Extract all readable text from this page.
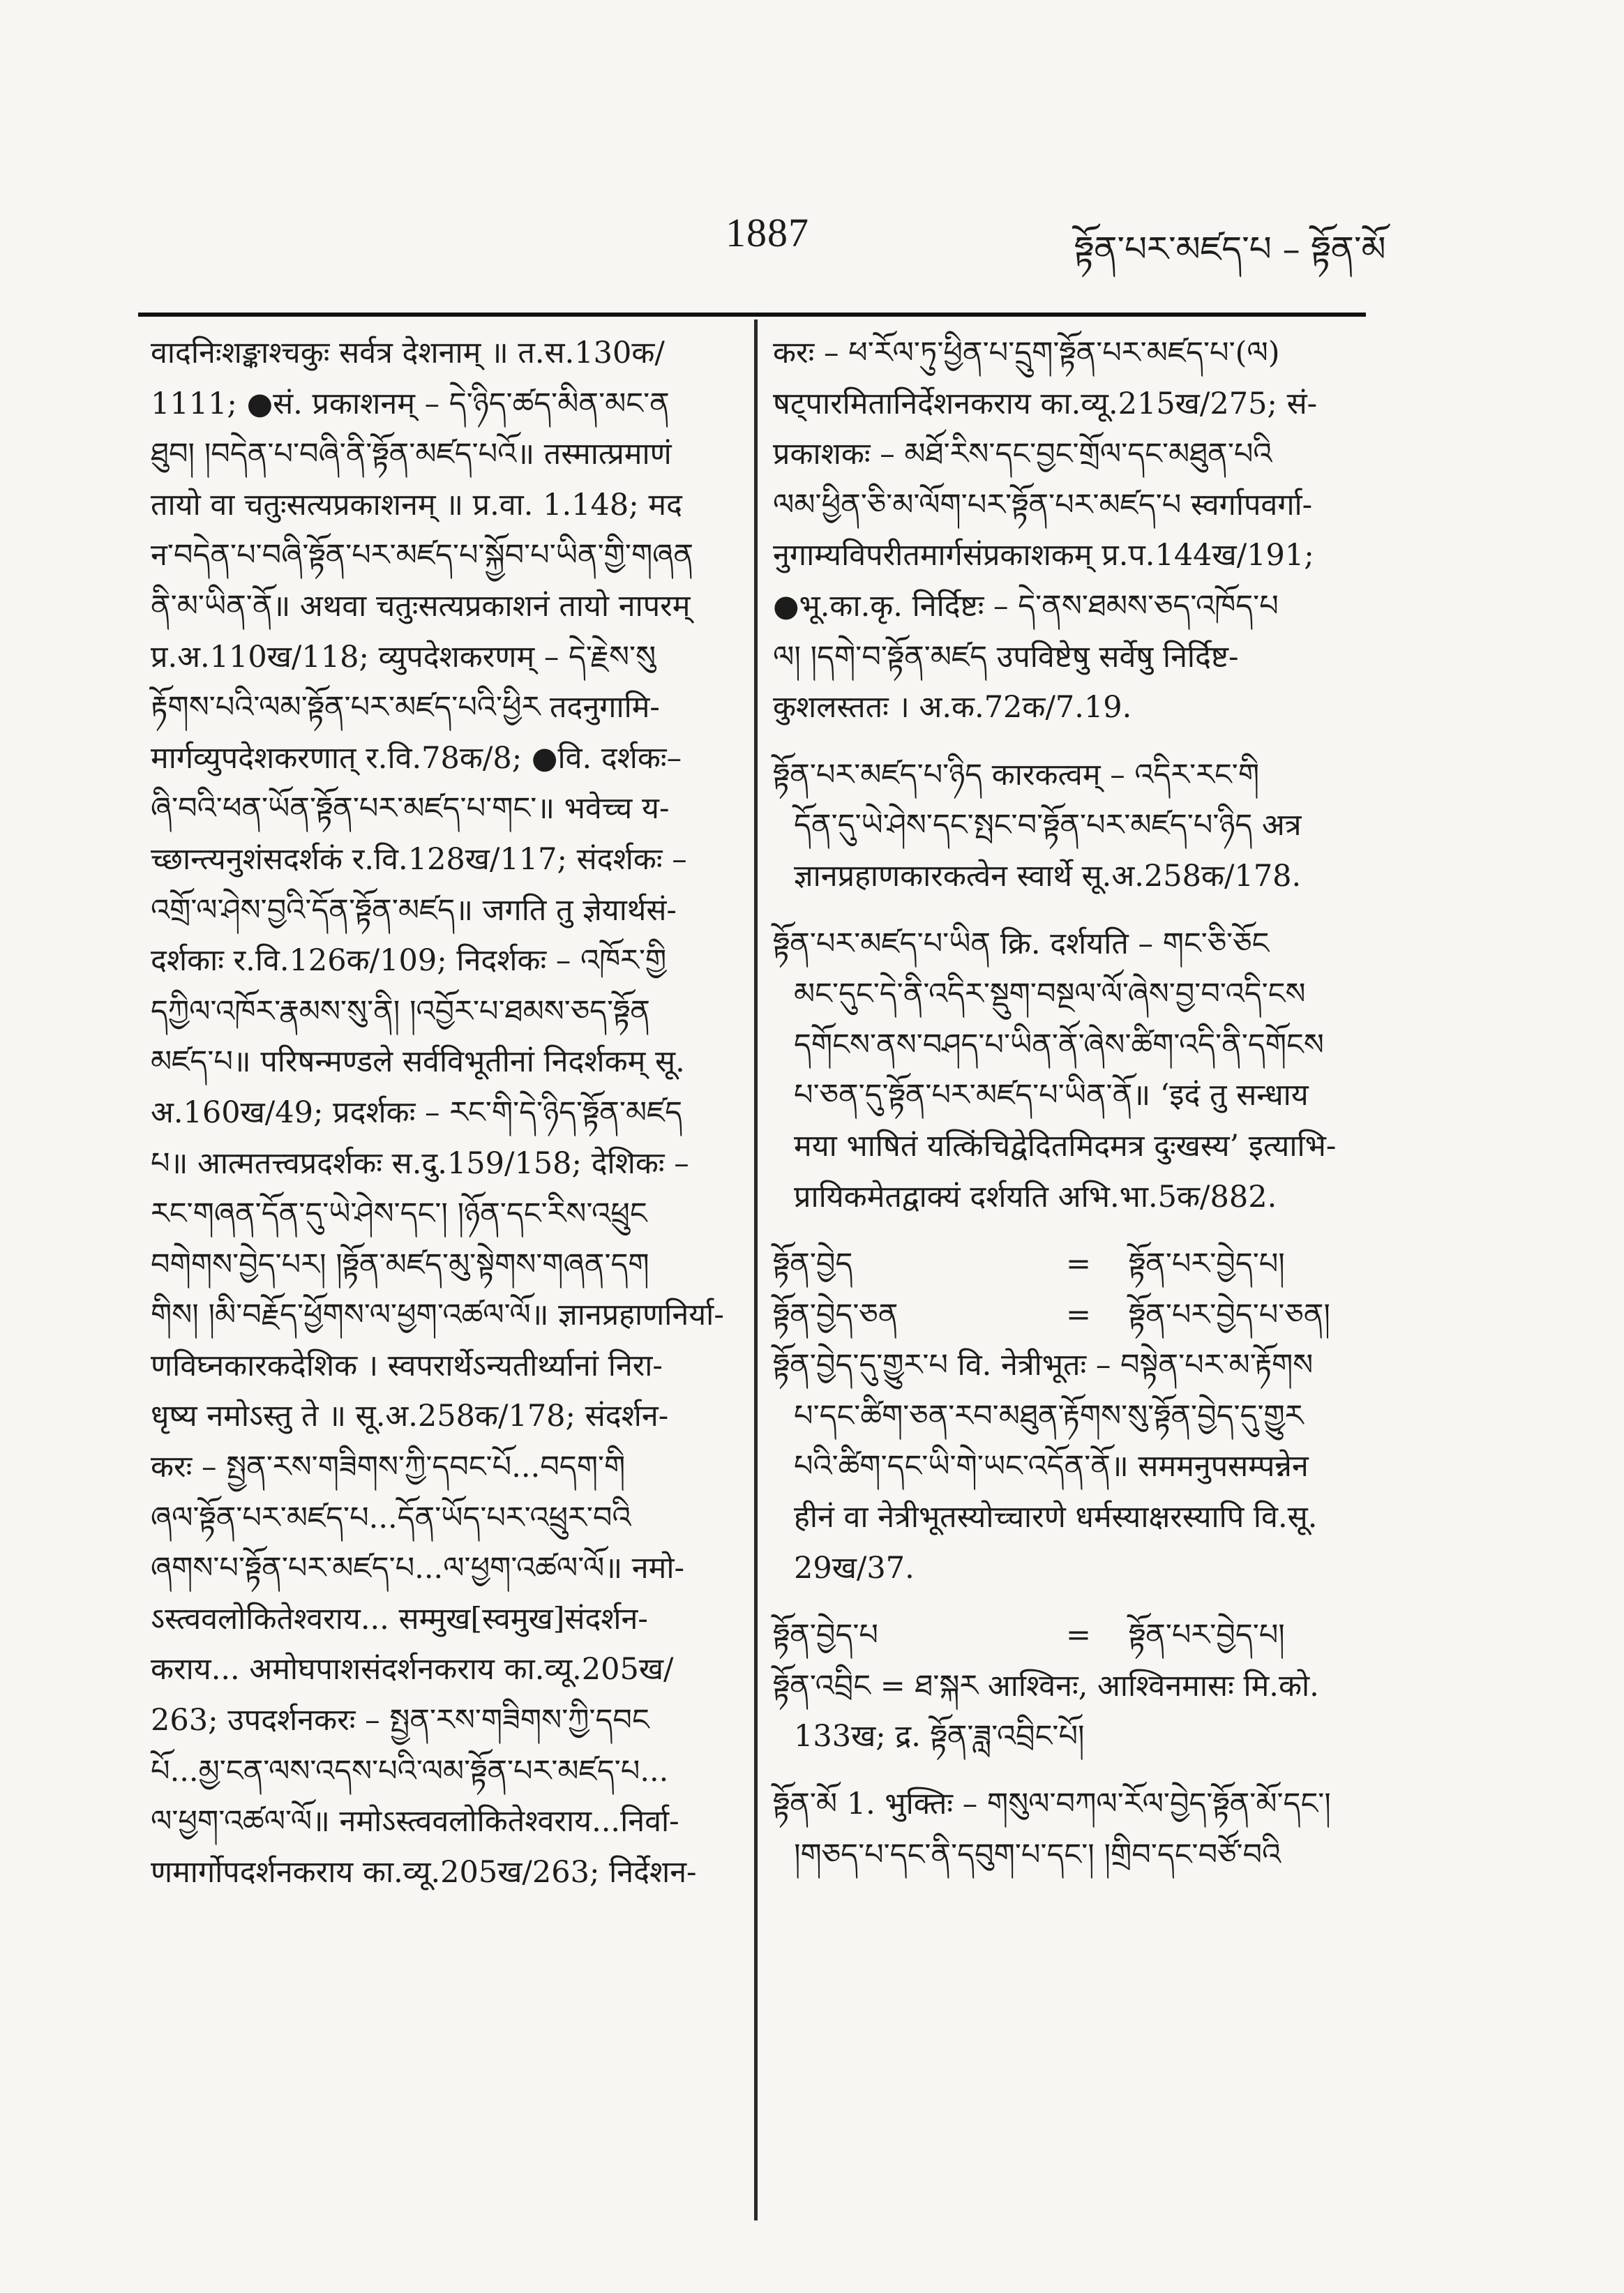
1887	ཧྟོན་པར་མཛད་པ – ཧྟོན་མོ
वादनिःशङ्काश्चकुः सर्वत्र देशनाम् ॥ त.स.130क/
1111; ●सं. प्रकाशनम् – དེ་ཉིད་ཚད་མིན་མང་ན
ཐུབ། །བདེན་པ་བཞི་ནི་ཧྟོན་མཛད་པའོ॥ तस्मात्प्रमाणं
तायो वा चतुःसत्यप्रकाशनम् ॥ प्र.वा. 1.148; मद
न་བདེན་པ་བཞི་ཧྟོན་པར་མཛད་པ་སྐྱོབ་པ་ཡིན་གྱི་གཞན
ནི་མ་ཡིན་ནོ॥ अथवा चतुःसत्यप्रकाशनं तायो नापरम्
प्र.अ.110ख/118; व्युपदेशकरणम् – དེ་རྗེས་སུ
རྟོགས་པའི་ལམ་ཧྟོན་པར་མཛད་པའི་ཕྱིར तदनुगामि-
मार्गव्युपदेशकरणात् र.वि.78क/8; ●वि. दर्शकः–
ཞི་བའི་ཕན་ཡོན་ཧྟོན་པར་མཛད་པ་གང་॥ भवेच्च य-
च्छान्त्यनुशंसदर्शकं र.वि.128ख/117; संदर्शकः –
འགྲོ་ལ་ཤེས་བྱའི་དོན་ཧྟོན་མཛད॥ जगति तु ज्ञेयार्थसं-
दर्शकाः र.वि.126क/109; निदर्शकः – འཁོར་གྱི
དཀྱིལ་འཁོར་རྣམས་སུ་ནི། །འབྱོར་པ་ཐམས་ཅད་ཧྟོན
མཛད་པ॥ परिषन्मण्डले सर्वविभूतीनां निदर्शकम् सू.
अ.160ख/49; प्रदर्शकः – རང་གི་དེ་ཉིད་ཧྟོན་མཛད
པ॥ आत्मतत्त्वप्रदर्शकः स.दु.159/158; देशिकः –
རང་གཞན་དོན་དུ་ཡེ་ཤེས་དང་། །ཉོན་དང་རིས་འཕྲུང
བགེགས་བྱེད་པར། །ཧྟོན་མཛད་མུ་སྟེགས་གཞན་དག
གིས། །མི་བརྗོད་ཕྱོགས་ལ་ཕྱག་འཚལ་ལོ॥ ज्ञानप्रहाणनिर्या-
णविघ्नकारकदेशिक । स्वपरार्थेऽन्यतीर्थ्यानां निरा-
धृष्य नमोऽस्तु ते ॥ सू.अ.258क/178; संदर्शन-
करः – སྤྱན་རས་གཟིགས་ཀྱི་དབང་པོ...བདག་གི
ཞལ་ཧྟོན་པར་མཛད་པ...དོན་ཡོད་པར་འཕྲུར་བའི
ཞགས་པ་ཧྟོན་པར་མཛད་པ...ལ་ཕྱག་འཚལ་ལོ॥ नमो-
ऽस्त्ववलोकितेश्वराय... सम्मुख[स्वमुख]संदर्शन-
कराय... अमोघपाशसंदर्शनकराय का.व्यू.205ख/
263; उपदर्शनकरः – སྤྱན་རས་གཟིགས་ཀྱི་དབང
པོ...མྱ་ངན་ལས་འདས་པའི་ལམ་ཧྟོན་པར་མཛད་པ...
ལ་ཕྱག་འཚལ་ལོ॥ नमोऽस्त्ववलोकितेश्वराय...निर्वा-
णमार्गोपदर्शनकराय का.व्यू.205ख/263; निर्देशन-
करः – ཕ་རོལ་ཏུ་ཕྱིན་པ་དྲུག་ཧྟོན་པར་མཛད་པ་(ལ)
षट्पारमितानिर्देशनकराय का.व्यू.215ख/275; सं-
प्रकाशकः – མཐོ་རིས་དང་བྱང་གྲོལ་དང་མཐུན་པའི
ལམ་ཕྱིན་ཅི་མ་ལོག་པར་ཧྟོན་པར་མཛད་པ स्वर्गापवर्गा-
नुगाम्यविपरीतमार्गसंप्रकाशकम् प्र.प.144ख/191;
●भू.का.कृ. निर्दिष्टः – དེ་ནས་ཐམས་ཅད་འཁོད་པ
ལ། །དགེ་བ་ཧྟོན་མཛད उपविष्टेषु सर्वेषु निर्दिष्ट-
कुशलस्ततः । अ.क.72क/7.19.
ཧྟོན་པར་མཛད་པ་ཉིད कारकत्वम् – འདིར་རང་གི
དོན་དུ་ཡེ་ཤེས་དང་སྤང་བ་ཧྟོན་པར་མཛད་པ་ཉིད अत्र
ज्ञानप्रहाणकारकत्वेन स्वार्थे सू.अ.258क/178.
ཧྟོན་པར་མཛད་པ་ཡིན क्रि. दर्शयति – གང་ཅི་ཅོང
མང་དུང་དེ་ནི་འདིར་སྡུག་བསྔལ་ལོ་ཞེས་བྱ་བ་འདི་ངས
དགོངས་ནས་བཤད་པ་ཡིན་ནོ་ཞེས་ཚིག་འདི་ནི་དགོངས
པ་ཅན་དུ་ཧྟོན་པར་མཛད་པ་ཡིན་ནོ॥ ‘इदं तु सन्धाय
मया भाषितं यत्किंचिद्वेदितमिदमत्र दुःखस्य’ इत्याभि-
प्रायिकमेतद्वाक्यं दर्शयति अभि.भा.5क/882.
ཧྟོན་བྱེད	=	ཧྟོན་པར་བྱེད་པ།
ཧྟོན་བྱེད་ཅན	=	ཧྟོན་པར་བྱེད་པ་ཅན།
ཧྟོན་བྱེད་དུ་གྱུར་པ वि. नेत्रीभूतः – བསྟེན་པར་མ་རྟོགས
པ་དང་ཚིག་ཅན་རབ་མཐུན་རྟོགས་སུ་ཧྟོན་བྱེད་དུ་གྱུར
པའི་ཚིག་དང་ཡི་གེ་ཡང་འདོན་ནོ॥ सममनुपसम्पन्नेन
हीनं वा नेत्रीभूतस्योच्चारणे धर्मस्याक्षरस्यापि वि.सू.
29ख/37.
ཧྟོན་བྱེད་པ	=	ཧྟོན་པར་བྱེད་པ།
ཧྟོན་འབྲིང = ཐ་སྐར आश्विनः, आश्विनमासः मि.को.
133ख; द्र. ཧྟོན་ཟླ་འབྲིང་པོ།
ཧྟོན་མོ 1. भुक्तिः – གསུལ་བཀལ་རོལ་བྱེད་ཧྟོན་མོ་དང་།
།གཅད་པ་དང་ནི་དབུག་པ་དང་། །གྲིབ་དང་བཙོ་བའི
